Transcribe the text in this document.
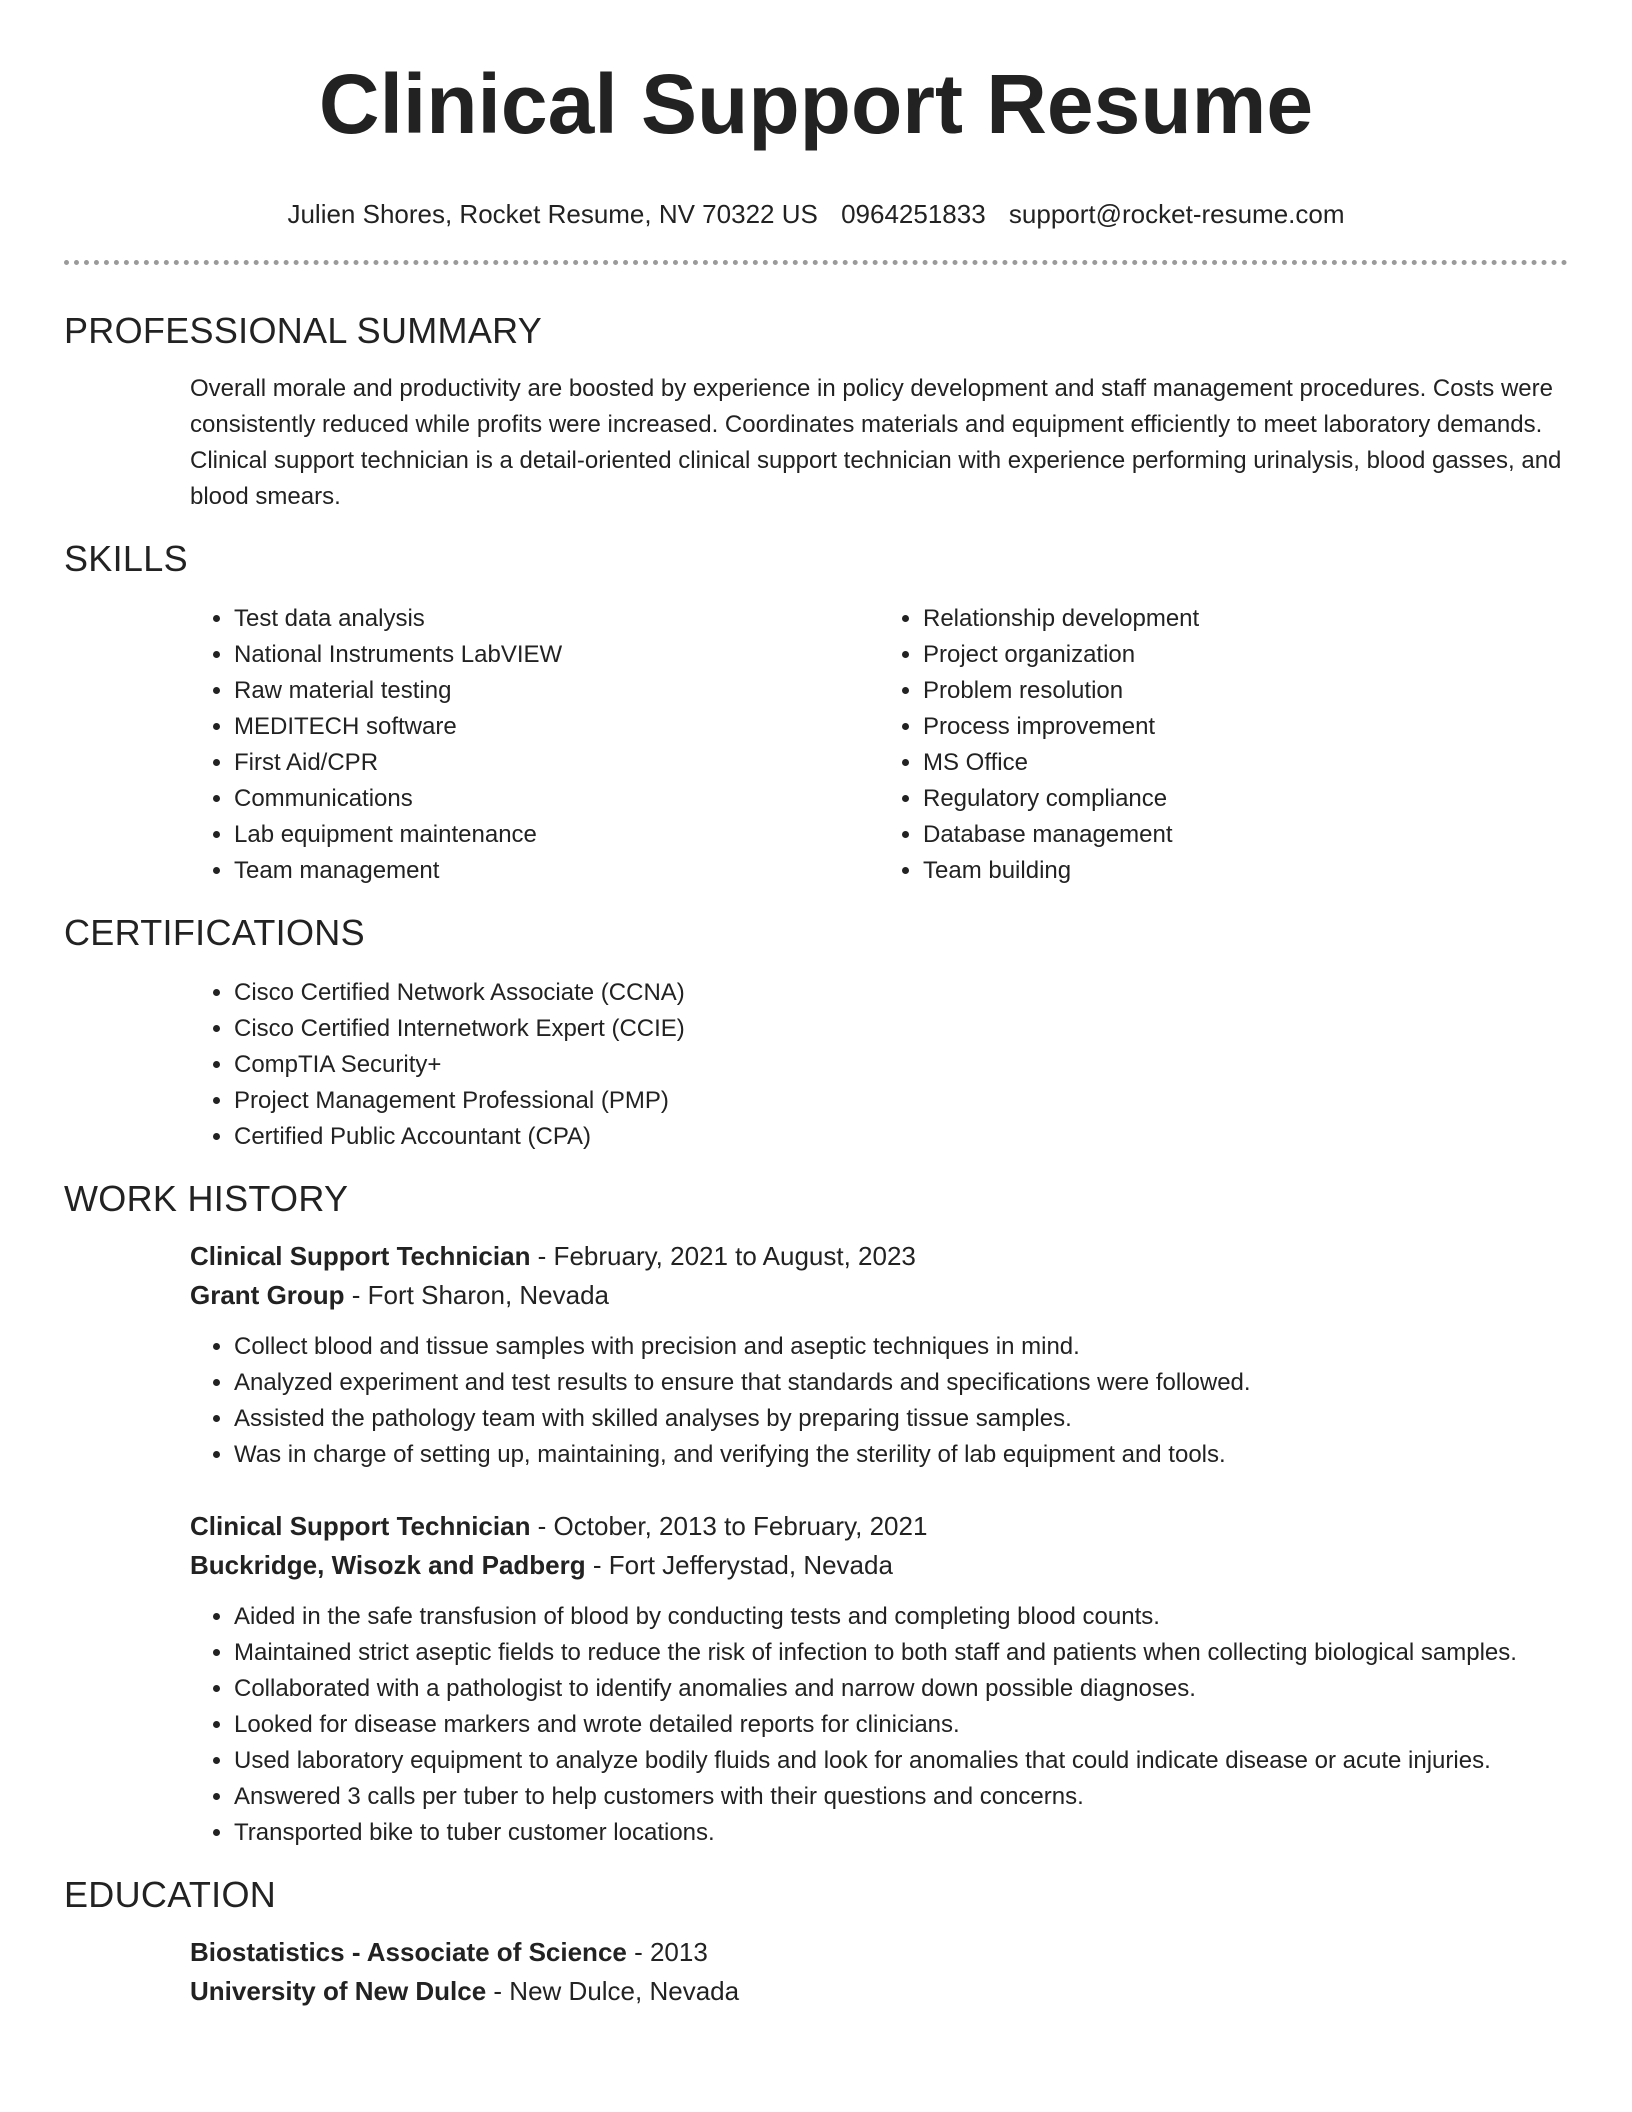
Clinical Support Resume
Julien Shores, Rocket Resume, NV 70322 US 0964251833 support@rocket-resume.com
PROFESSIONAL SUMMARY

Overall morale and productivity are boosted by experience in policy development and staff management procedures. Costs were consistently reduced while profits were increased. Coordinates materials and equipment efficiently to meet laboratory demands. Clinical support technician is a detail-oriented clinical support technician with experience performing urinalysis, blood gasses, and blood smears.

SKILLS
• Test data analysis
• National Instruments LabVIEW
• Raw material testing
• MEDITECH software
• First Aid/CPR
• Communications
• Lab equipment maintenance
• Team management
• Relationship development
• Project organization
• Problem resolution
• Process improvement
• MS Office
• Regulatory compliance
• Database management
• Team building
CERTIFICATIONS
• Cisco Certified Network Associate (CCNA)
• Cisco Certified Internetwork Expert (CCIE)
• CompTIA Security+
• Project Management Professional (PMP)
• Certified Public Accountant (CPA)
WORK HISTORY
Clinical Support Technician - February, 2021 to August, 2023
Grant Group - Fort Sharon, Nevada
• Collect blood and tissue samples with precision and aseptic techniques in mind.
• Analyzed experiment and test results to ensure that standards and specifications were followed.
• Assisted the pathology team with skilled analyses by preparing tissue samples.
• Was in charge of setting up, maintaining, and verifying the sterility of lab equipment and tools.
Clinical Support Technician - October, 2013 to February, 2021
Buckridge, Wisozk and Padberg - Fort Jefferystad, Nevada
• Aided in the safe transfusion of blood by conducting tests and completing blood counts.
• Maintained strict aseptic fields to reduce the risk of infection to both staff and patients when collecting biological samples.
• Collaborated with a pathologist to identify anomalies and narrow down possible diagnoses.
• Looked for disease markers and wrote detailed reports for clinicians.
• Used laboratory equipment to analyze bodily fluids and look for anomalies that could indicate disease or acute injuries.
• Answered 3 calls per tuber to help customers with their questions and concerns.
• Transported bike to tuber customer locations.
EDUCATION
Biostatistics - Associate of Science - 2013
University of New Dulce - New Dulce, Nevada
